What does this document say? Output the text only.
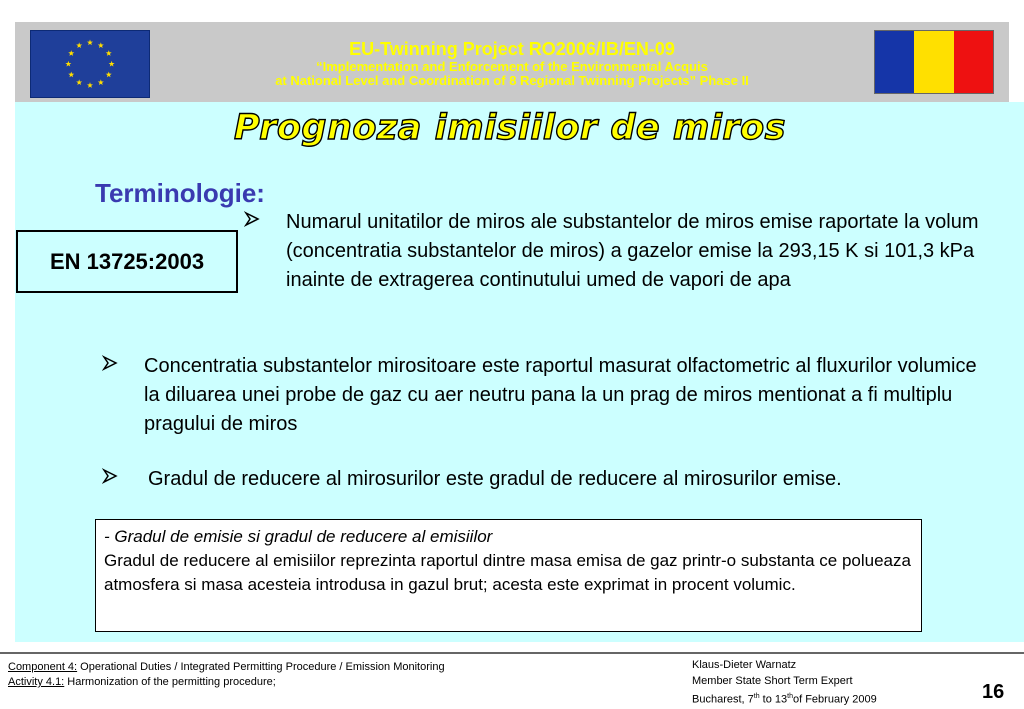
EU-Twinning Project RO2006/IB/EN-09
“Implementation and Enforcement of the Environmental Acquis
at National Level and Coordination of 8 Regional Twinning Projects” Phase II
Prognoza imisiilor de miros
Terminologie:
EN 13725:2003
Numarul unitatilor de miros ale substantelor de miros emise raportate la volum (concentratia substantelor de miros) a gazelor emise la 293,15 K si 101,3 kPa inainte de extragerea continutului umed de vapori de apa
Concentratia substantelor mirositoare este raportul masurat olfactometric al fluxurilor volumice la diluarea unei probe de gaz cu aer neutru pana la un prag de miros mentionat a fi multiplu pragului de miros
Gradul de reducere al mirosurilor este gradul de reducere al mirosurilor emise.
- Gradul de emisie si gradul de reducere al emisiilor
Gradul de reducere al emisiilor reprezinta raportul dintre masa emisa de gaz printr-o substanta ce polueaza atmosfera si masa acesteia introdusa in gazul brut; acesta este exprimat in procent volumic.
Component 4: Operational Duties / Integrated Permitting Procedure / Emission Monitoring
Activity 4.1: Harmonization of the permitting procedure;
Klaus-Dieter Warnatz
Member State Short Term Expert
Bucharest, 7th to 13thof February 2009	16
